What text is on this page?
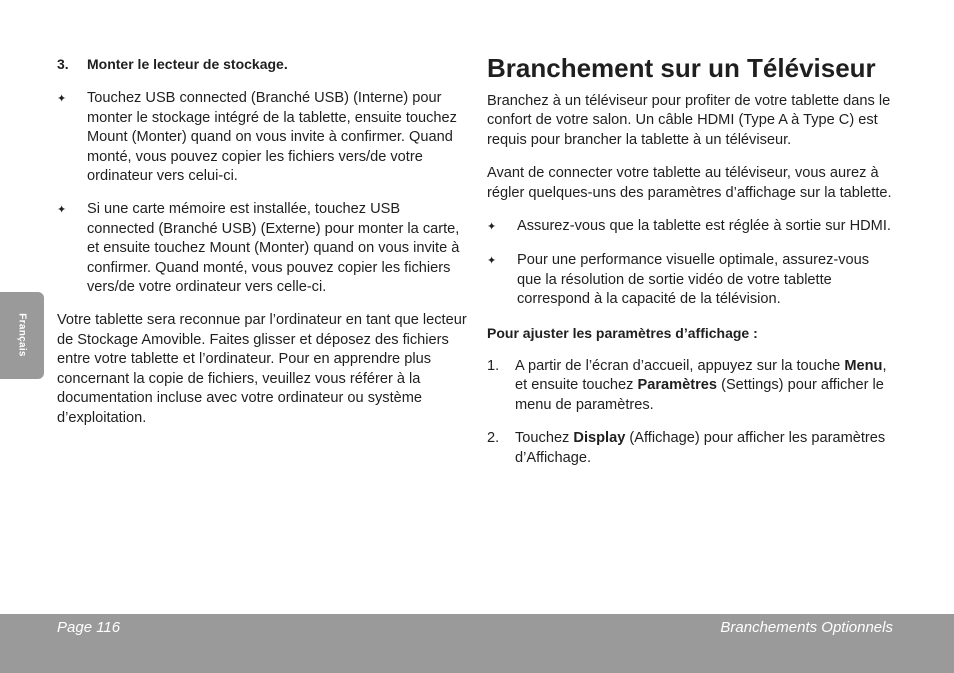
3.	Monter le lecteur de stockage.
✦	Touchez USB connected (Branché USB) (Interne) pour monter le stockage intégré de la tablette, ensuite touchez Mount (Monter) quand on vous invite à confirmer. Quand monté, vous pouvez copier les fichiers vers/de votre ordinateur vers celui-ci.
✦	Si une carte mémoire est installée, touchez USB connected (Branché USB) (Externe) pour monter la carte, et ensuite touchez Mount (Monter) quand on vous invite à confirmer. Quand monté, vous pouvez copier les fichiers vers/de votre ordinateur vers celle-ci.

Votre tablette sera reconnue par l’ordinateur en tant que lecteur de Stockage Amovible. Faites glisser et déposez des fichiers entre votre tablette et l’ordinateur. Pour en apprendre plus concernant la copie de fichiers, veuillez vous référer à la documentation incluse avec votre ordinateur ou système d’exploitation.

Branchement sur un Téléviseur

Branchez à un téléviseur pour profiter de votre tablette dans le confort de votre salon. Un câble HDMI (Type A à Type C) est requis pour brancher la tablette à un téléviseur.

Avant de connecter votre tablette au téléviseur, vous aurez à régler quelques-uns des paramètres d’affichage sur la tablette.

✦	Assurez-vous que la tablette est réglée à sortie sur HDMI.
✦	Pour une performance visuelle optimale, assurez-vous que la résolution de sortie vidéo de votre tablette correspond à la capacité de la télévision.

Pour ajuster les paramètres d’affichage :

1.	A partir de l’écran d’accueil, appuyez sur la touche Menu, et ensuite touchez Paramètres (Settings) pour afficher le menu de paramètres.
2.	Touchez Display (Affichage) pour afficher les paramètres d’Affichage.
Français
Page 116	Branchements Optionnels
